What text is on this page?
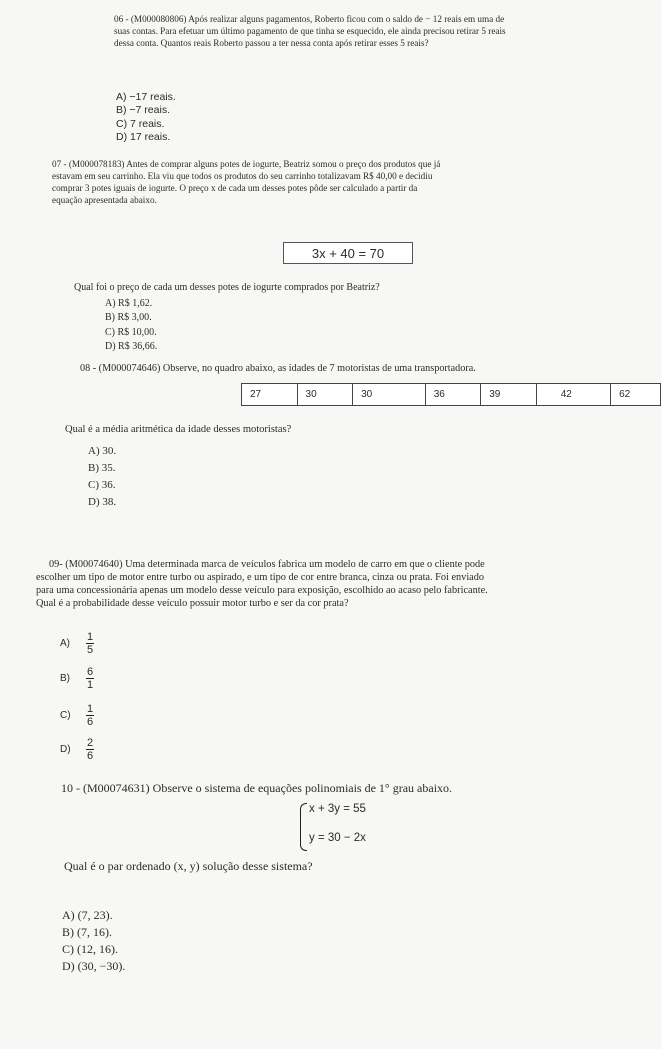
06 - (M000080806) Após realizar alguns pagamentos, Roberto ficou com o saldo de − 12 reais em uma de
suas contas. Para efetuar um último pagamento de que tinha se esquecido, ele ainda precisou retirar 5 reais
dessa conta. Quantos reais Roberto passou a ter nessa conta após retirar esses 5 reais?
A) −17 reais.
B) −7 reais.
C) 7 reais.
D) 17 reais.
07 - (M000078183) Antes de comprar alguns potes de iogurte, Beatriz somou o preço dos produtos que já
estavam em seu carrinho. Ela viu que todos os produtos do seu carrinho totalizavam R$ 40,00 e decidiu
comprar 3 potes iguais de iogurte. O preço x de cada um desses potes pôde ser calculado a partir da
equação apresentada abaixo.
3x + 40 = 70
Qual foi o preço de cada um desses potes de iogurte comprados por Beatriz?
A) R$ 1,62.
B) R$ 3,00.
C) R$ 10,00.
D) R$ 36,66.
08 - (M000074646) Observe, no quadro abaixo, as idades de 7 motoristas de uma transportadora.
27	30	30	36	39	42	62
Qual é a média aritmética da idade desses motoristas?
A) 30.
B) 35.
C) 36.
D) 38.
09- (M00074640) Uma determinada marca de veículos fabrica um modelo de carro em que o cliente pode
escolher um tipo de motor entre turbo ou aspirado, e um tipo de cor entre branca, cinza ou prata. Foi enviado
para uma concessionária apenas um modelo desse veículo para exposição, escolhido ao acaso pelo fabricante.
Qual é a probabilidade desse veículo possuir motor turbo e ser da cor prata?
$A) \frac{1}{5}$
$B) \frac{6}{1}$
$C) \frac{1}{6}$
$D) \frac{2}{6}$
10 - (M00074631) Observe o sistema de equações polinomiais de 1° grau abaixo.
x + 3y = 55
y = 30 − 2x
Qual é o par ordenado (x, y) solução desse sistema?
A) (7, 23).
B) (7, 16).
C) (12, 16).
D) (30, −30).
